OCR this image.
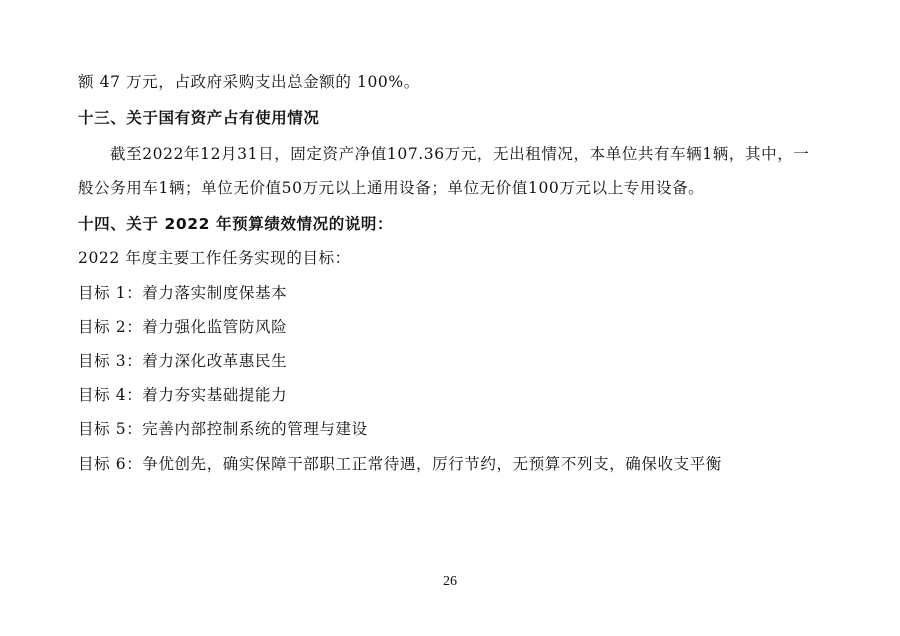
额 47 万元，占政府采购支出总金额的 100%。
十三、关于国有资产占有使用情况
截至2022年12月31日，固定资产净值107.36万元，无出租情况，本单位共有车辆1辆，其中，一
般公务用车1辆；单位无价值50万元以上通用设备；单位无价值100万元以上专用设备。
十四、关于 2022 年预算绩效情况的说明：
2022 年度主要工作任务实现的目标：
目标 1：着力落实制度保基本
目标 2：着力强化监管防风险
目标 3：着力深化改革惠民生
目标 4：着力夯实基础提能力
目标 5：完善内部控制系统的管理与建设
目标 6：争优创先，确实保障干部职工正常待遇，厉行节约，无预算不列支，确保收支平衡
26
